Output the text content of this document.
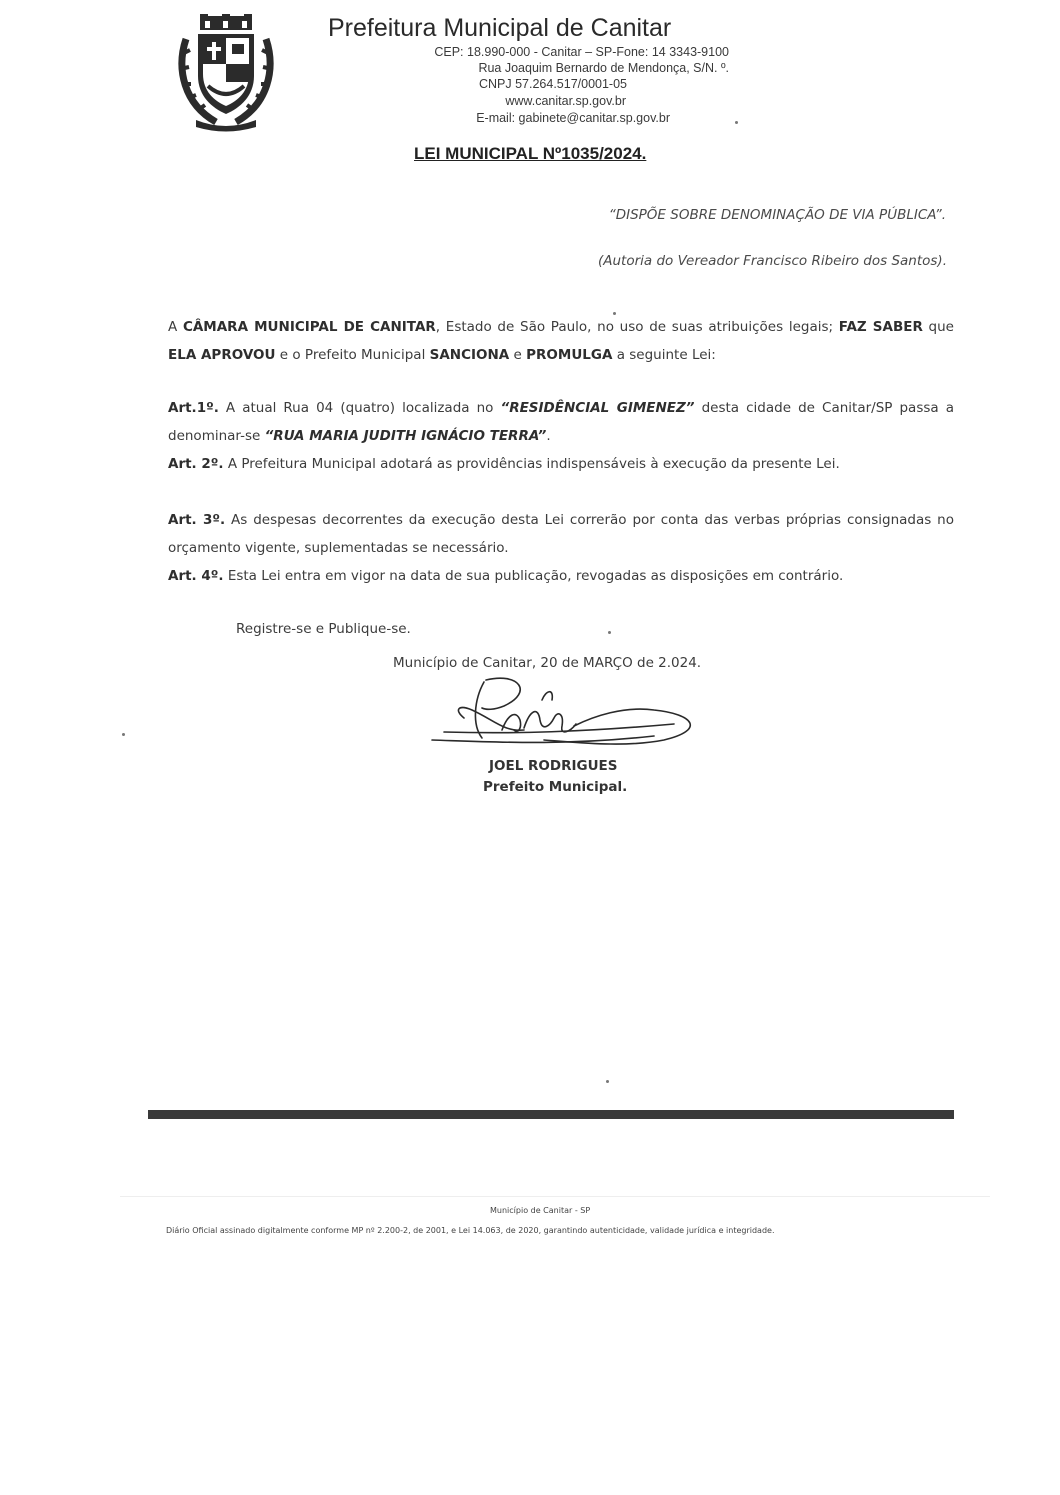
Prefeitura Municipal de Canitar
CEP: 18.990-000 - Canitar – SP-Fone: 14 3343-9100
Rua Joaquim Bernardo de Mendonça, S/N. º.
CNPJ 57.264.517/0001-05
www.canitar.sp.gov.br
E-mail: gabinete@canitar.sp.gov.br
LEI MUNICIPAL Nº1035/2024.
“DISPÕE SOBRE DENOMINAÇÃO DE VIA PÚBLICA”.
(Autoria do Vereador Francisco Ribeiro dos Santos).
A CÂMARA MUNICIPAL DE CANITAR, Estado de São Paulo, no uso de suas atribuições legais; FAZ SABER que ELA APROVOU e o Prefeito Municipal SANCIONA e PROMULGA a seguinte Lei:
Art.1º. A atual Rua 04 (quatro) localizada no “RESIDÊNCIAL GIMENEZ” desta cidade de Canitar/SP passa a denominar-se “RUA MARIA JUDITH IGNÁCIO TERRA”.
Art. 2º. A Prefeitura Municipal adotará as providências indispensáveis à execução da presente Lei.
Art. 3º. As despesas decorrentes da execução desta Lei correrão por conta das verbas próprias consignadas no orçamento vigente, suplementadas se necessário.
Art. 4º. Esta Lei entra em vigor na data de sua publicação, revogadas as disposições em contrário.
Registre-se e Publique-se.
Município de Canitar, 20 de MARÇO de 2.024.
JOEL RODRIGUES
Prefeito Municipal.
Município de Canitar - SP
Diário Oficial assinado digitalmente conforme MP nº 2.200-2, de 2001, e Lei 14.063, de 2020, garantindo autenticidade, validade jurídica e integridade.
